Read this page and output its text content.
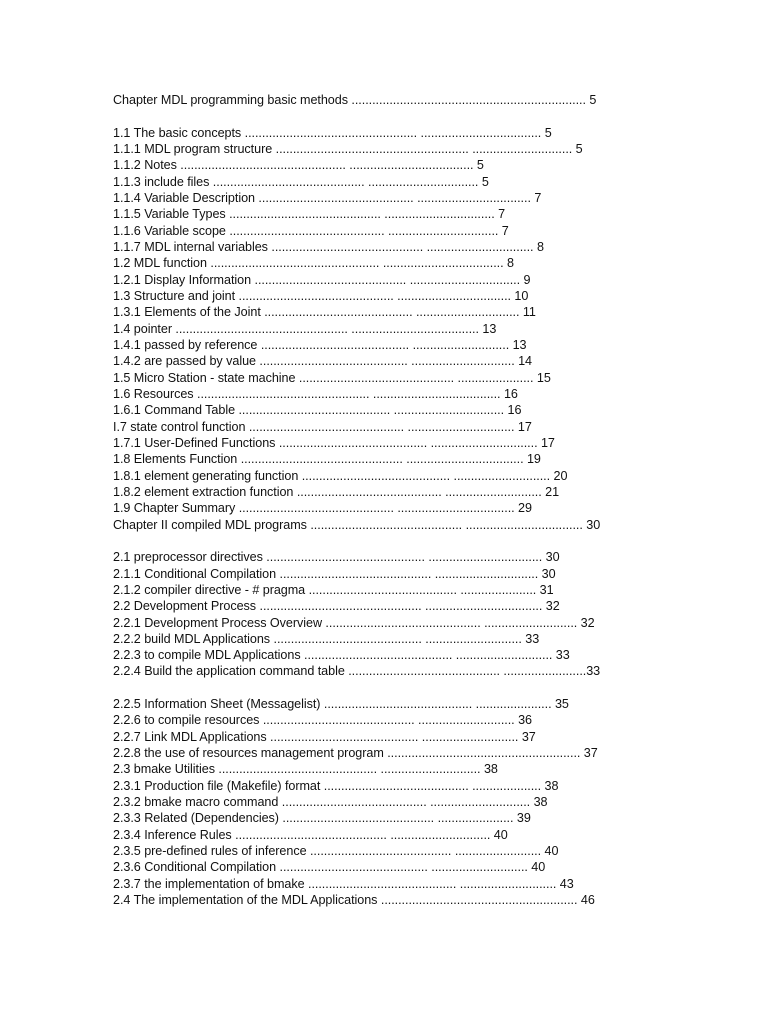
Chapter MDL programming basic methods .................................................................... 5
1.1 The basic concepts .................................................. ................................... 5
1.1.1 MDL program structure ........................................................ ............................. 5
1.1.2 Notes ................................................ .................................... 5
1.1.3 include files ............................................ ................................ 5
1.1.4 Variable Description ............................................. ................................. 7
1.1.5 Variable Types ............................................ ................................ 7
1.1.6 Variable scope ............................................. ................................ 7
1.1.7 MDL internal variables ............................................ ............................... 8
1.2 MDL function ................................................. ................................... 8
1.2.1 Display Information ............................................ ................................ 9
1.3 Structure and joint ............................................. ................................. 10
1.3.1 Elements of the Joint ........................................... .............................. 11
1.4 pointer .................................................. ..................................... 13
1.4.1 passed by reference ........................................... ............................ 13
1.4.2 are passed by value ........................................... .............................. 14
1.5 Micro Station - state machine ............................................. ...................... 15
1.6 Resources .................................................. ..................................... 16
1.6.1 Command Table ............................................ ................................ 16
I.7 state control function ............................................. ............................... 17
1.7.1 User-Defined Functions ........................................... ............................... 17
1.8 Elements Function ............................................... .................................. 19
1.8.1 element generating function ........................................... ............................ 20
1.8.2 element extraction function .......................................... ............................ 21
1.9 Chapter Summary ............................................. .................................. 29
Chapter II compiled MDL programs ............................................ .................................. 30
2.1 preprocessor directives .............................................. ................................. 30
2.1.1 Conditional Compilation ............................................ .............................. 30
2.1.2 compiler directive - # pragma ........................................... ...................... 31
2.2 Development Process ............................................... .................................. 32
2.2.1 Development Process Overview ............................................. ........................... 32
2.2.2 build MDL Applications ........................................... ............................ 33
2.2.3 to compile MDL Applications ........................................... ............................ 33
2.2.4 Build the application command table ............................................ ........................33
2.2.5 Information Sheet (Messagelist) ........................................... ...................... 35
2.2.6 to compile resources ............................................ ............................ 36
2.2.7 Link MDL Applications ........................................... ............................ 37
2.2.8 the use of resources management program ........................................................ 37
2.3 bmake Utilities .............................................. ............................. 38
2.3.1 Production file (Makefile) format .......................................... .................... 38
2.3.2 bmake macro command .......................................... ............................. 38
2.3.3 Related (Dependencies) ............................................ ...................... 39
2.3.4 Inference Rules ............................................ ............................. 40
2.3.5 pre-defined rules of inference ......................................... ......................... 40
2.3.6 Conditional Compilation ........................................... ............................ 40
2.3.7 the implementation of bmake ........................................... ............................ 43
2.4 The implementation of the MDL Applications ......................................................... 46
